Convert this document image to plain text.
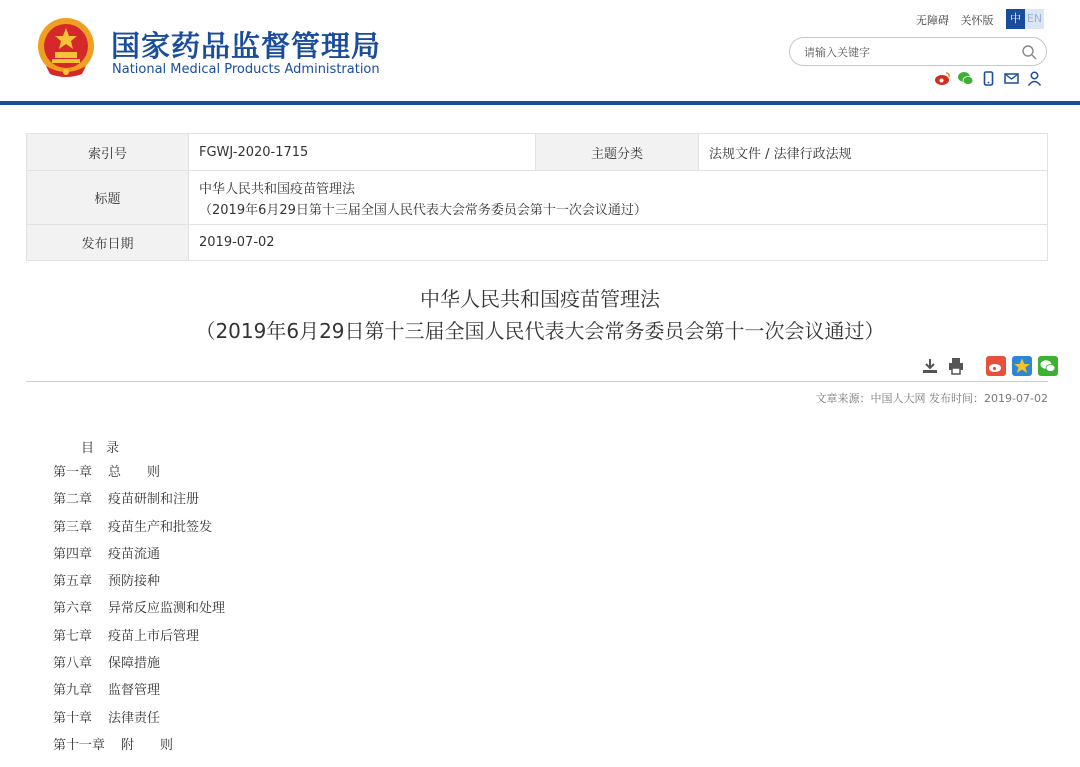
国家药品监督管理局
National Medical Products Administration
无障碍 关怀版	中 EN
请输入关键字
索引号	FGWJ-2020-1715	主题分类	法规文件 / 法律行政法规
标题	中华人民共和国疫苗管理法
（2019年6月29日第十三届全国人民代表大会常务委员会第十一次会议通过）		

发布日期	2019-07-02		
中华人民共和国疫苗管理法
（2019年6月29日第十三届全国人民代表大会常务委员会第十一次会议通过）
文章来源：中国人大网 发布时间：2019-07-02
目 录
第一章	总　　则
第二章	疫苗研制和注册
第三章	疫苗生产和批签发
第四章	疫苗流通
第五章	预防接种
第六章	异常反应监测和处理
第七章	疫苗上市后管理
第八章	保障措施
第九章	监督管理
第十章	法律责任
第十一章	附　　则
